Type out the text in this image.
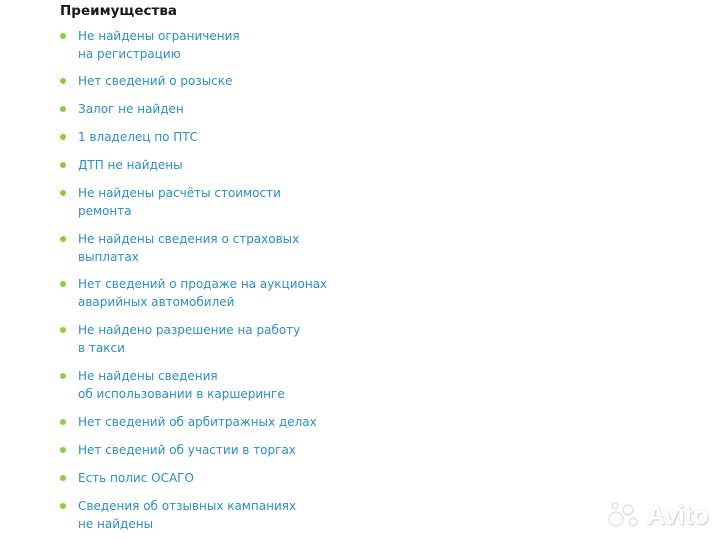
Преимущества
Не найдены ограничения
на регистрацию
Нет сведений о розыске
Залог не найден
1 владелец по ПТС
ДТП не найдены
Не найдены расчёты стоимости
ремонта
Не найдены сведения о страховых
выплатах
Нет сведений о продаже на аукционах
аварийных автомобилей
Не найдено разрешение на работу
в такси
Не найдены сведения
об использовании в каршеринге
Нет сведений об арбитражных делах
Нет сведений об участии в торгах
Есть полис ОСАГО
Сведения об отзывных кампаниях
не найдены	Avito
